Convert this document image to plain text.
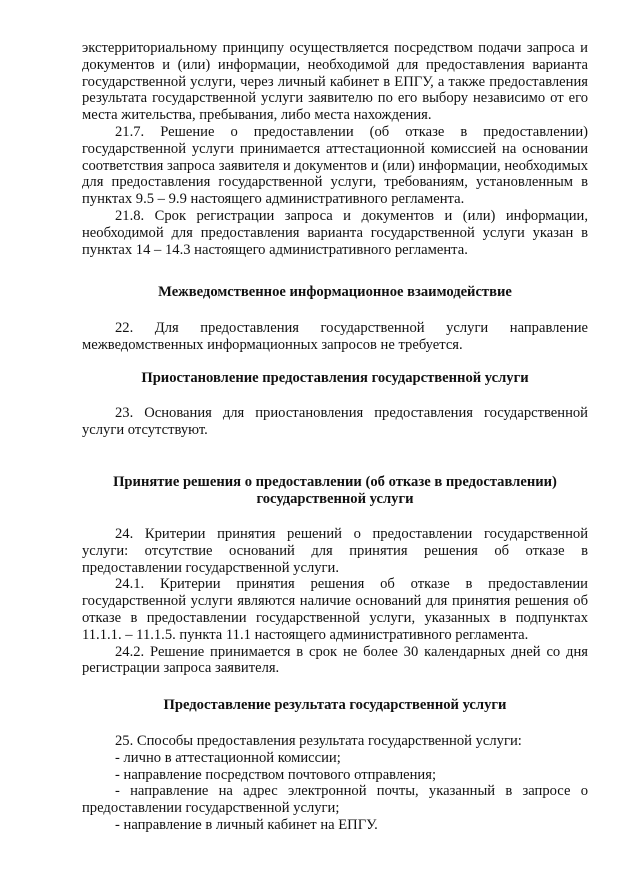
экстерриториальному принципу осуществляется посредством подачи запроса и документов и (или) информации, необходимой для предоставления варианта государственной услуги, через личный кабинет в ЕПГУ, а также предоставления результата государственной услуги заявителю по его выбору независимо от его места жительства, пребывания, либо места нахождения.

21.7. Решение о предоставлении (об отказе в предоставлении) государственной услуги принимается аттестационной комиссией на основании соответствия запроса заявителя и документов и (или) информации, необходимых для предоставления государственной услуги, требованиям, установленным в пунктах 9.5 – 9.9 настоящего административного регламента.

21.8. Срок регистрации запроса и документов и (или) информации, необходимой для предоставления варианта государственной услуги указан в пунктах 14 – 14.3 настоящего административного регламента.

Межведомственное информационное взаимодействие

22. Для предоставления государственной услуги направление межведомственных информационных запросов не требуется.

Приостановление предоставления государственной услуги

23. Основания для приостановления предоставления государственной услуги отсутствуют.

Принятие решения о предоставлении (об отказе в предоставлении)
государственной услуги

24. Критерии принятия решений о предоставлении государственной услуги: отсутствие оснований для принятия решения об отказе в предоставлении государственной услуги.

24.1. Критерии принятия решения об отказе в предоставлении государственной услуги являются наличие оснований для принятия решения об отказе в предоставлении государственной услуги, указанных в подпунктах 11.1.1. – 11.1.5. пункта 11.1 настоящего административного регламента.

24.2. Решение принимается в срок не более 30 календарных дней со дня регистрации запроса заявителя.

Предоставление результата государственной услуги

25. Способы предоставления результата государственной услуги:

- лично в аттестационной комиссии;

- направление посредством почтового отправления;

- направление на адрес электронной почты, указанный в запросе о предоставлении государственной услуги;

- направление в личный кабинет на ЕПГУ.
